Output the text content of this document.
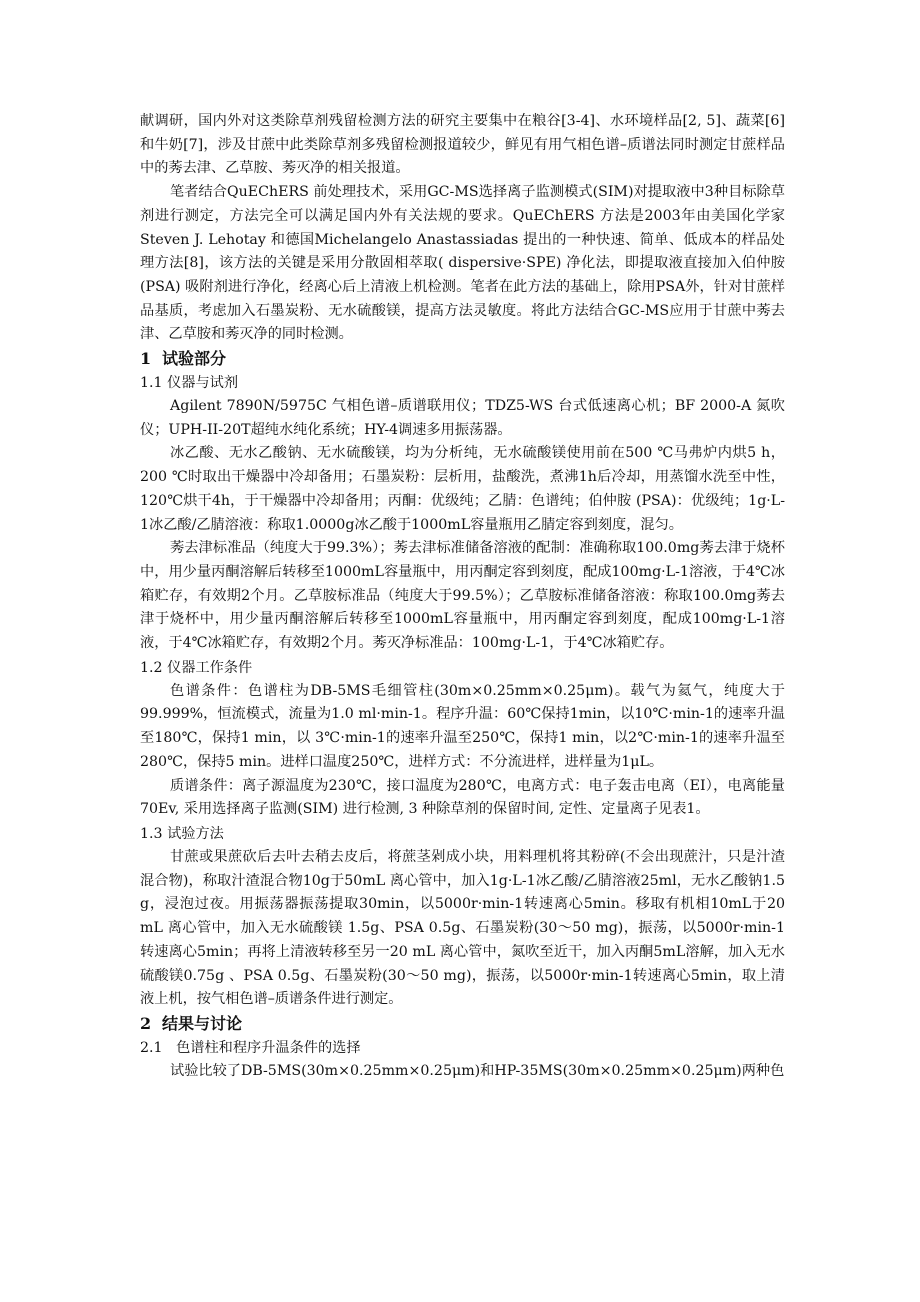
献调研，国内外对这类除草剂残留检测方法的研究主要集中在粮谷[3-4]、水环境样品[2, 5]、蔬菜[6]和牛奶[7]，涉及甘蔗中此类除草剂多残留检测报道较少，鲜见有用气相色谱–质谱法同时测定甘蔗样品中的莠去津、乙草胺、莠灭净的相关报道。

笔者结合QuEChERS 前处理技术，采用GC-MS选择离子监测模式(SIM)对提取液中3种目标除草剂进行测定，方法完全可以满足国内外有关法规的要求。QuEChERS 方法是2003年由美国化学家Steven J. Lehotay 和德国Michelangelo Anastassiadas 提出的一种快速、简单、低成本的样品处理方法[8]，该方法的关键是采用分散固相萃取( dispersive·SPE) 净化法，即提取液直接加入伯仲胺(PSA) 吸附剂进行净化，经离心后上清液上机检测。笔者在此方法的基础上，除用PSA外，针对甘蔗样品基质，考虑加入石墨炭粉、无水硫酸镁，提高方法灵敏度。将此方法结合GC-MS应用于甘蔗中莠去津、乙草胺和莠灭净的同时检测。

1 试验部分
1.1 仪器与试剂

Agilent 7890N/5975C 气相色谱–质谱联用仪；TDZ5-WS 台式低速离心机；BF 2000-A 氮吹仪；UPH-II-20T超纯水纯化系统；HY-4调速多用振荡器。

冰乙酸、无水乙酸钠、无水硫酸镁，均为分析纯，无水硫酸镁使用前在500 ℃马弗炉内烘5 h，200 ℃时取出干燥器中冷却备用；石墨炭粉：层析用，盐酸洗，煮沸1h后冷却，用蒸馏水洗至中性，120℃烘干4h，于干燥器中冷却备用；丙酮：优级纯；乙腈：色谱纯；伯仲胺 (PSA)：优级纯；1g·L-1冰乙酸/乙腈溶液：称取1.0000g冰乙酸于1000mL容量瓶用乙腈定容到刻度，混匀。

莠去津标准品（纯度大于99.3%）；莠去津标准储备溶液的配制：准确称取100.0mg莠去津于烧杯中，用少量丙酮溶解后转移至1000mL容量瓶中，用丙酮定容到刻度，配成100mg·L-1溶液，于4℃冰箱贮存，有效期2个月。乙草胺标准品（纯度大于99.5%）；乙草胺标准储备溶液：称取100.0mg莠去津于烧杯中，用少量丙酮溶解后转移至1000mL容量瓶中，用丙酮定容到刻度，配成100mg·L-1溶液，于4℃冰箱贮存，有效期2个月。莠灭净标准品：100mg·L-1，于4℃冰箱贮存。

1.2 仪器工作条件

色谱条件：色谱柱为DB-5MS毛细管柱(30m×0.25mm×0.25μm)。载气为氦气，纯度大于99.999%，恒流模式，流量为1.0 ml·min-1。程序升温：60℃保持1min，以10℃·min-1的速率升温至180℃，保持1 min，以 3℃·min-1的速率升温至250℃，保持1 min，以2℃·min-1的速率升温至280℃，保持5 min。进样口温度250℃，进样方式：不分流进样，进样量为1μL。

质谱条件：离子源温度为230℃，接口温度为280℃，电离方式：电子轰击电离（EI），电离能量70Ev, 采用选择离子监测(SIM) 进行检测, 3 种除草剂的保留时间, 定性、定量离子见表1。

1.3 试验方法

甘蔗或果蔗砍后去叶去稍去皮后，将蔗茎剁成小块，用料理机将其粉碎(不会出现蔗汁，只是汁渣混合物)，称取汁渣混合物10g于50mL 离心管中，加入1g·L-1冰乙酸/乙腈溶液25ml，无水乙酸钠1.5 g，浸泡过夜。用振荡器振荡提取30min，以5000r·min-1转速离心5min。移取有机相10mL于20 mL 离心管中，加入无水硫酸镁 1.5g、PSA 0.5g、石墨炭粉(30～50 mg)，振荡，以5000r·min-1转速离心5min；再将上清液转移至另一20 mL 离心管中，氮吹至近干，加入丙酮5mL溶解，加入无水硫酸镁0.75g 、PSA 0.5g、石墨炭粉(30～50 mg)，振荡，以5000r·min-1转速离心5min，取上清液上机，按气相色谱–质谱条件进行测定。

2 结果与讨论
2.1 色谱柱和程序升温条件的选择

试验比较了DB-5MS(30m×0.25mm×0.25μm)和HP-35MS(30m×0.25mm×0.25μm)两种色
